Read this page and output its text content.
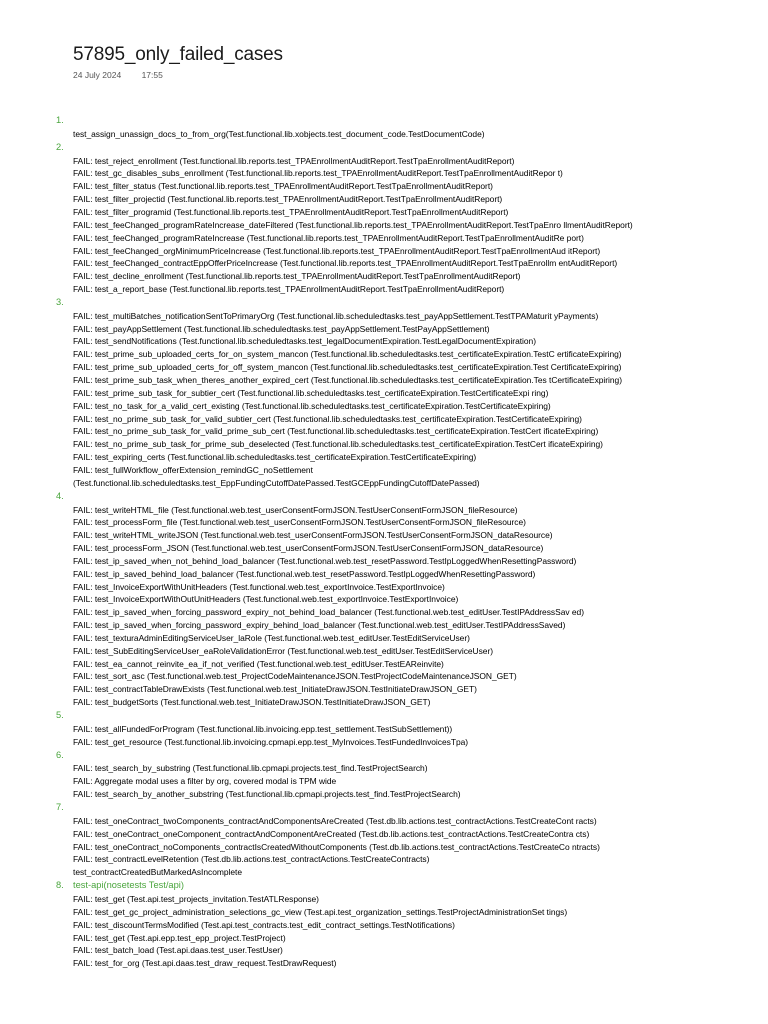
57895_only_failed_cases
24 July 2024 17:55
1.
test_assign_unassign_docs_to_from_org(Test.functional.lib.xobjects.test_document_code.TestDocumentCode)
2.
FAIL: test_reject_enrollment (Test.functional.lib.reports.test_TPAEnrollmentAuditReport.TestTpaEnrollmentAuditReport)
FAIL: test_gc_disables_subs_enrollment (Test.functional.lib.reports.test_TPAEnrollmentAuditReport.TestTpaEnrollmentAuditRepor t)
FAIL: test_filter_status (Test.functional.lib.reports.test_TPAEnrollmentAuditReport.TestTpaEnrollmentAuditReport)
FAIL: test_filter_projectid (Test.functional.lib.reports.test_TPAEnrollmentAuditReport.TestTpaEnrollmentAuditReport)
FAIL: test_filter_programid (Test.functional.lib.reports.test_TPAEnrollmentAuditReport.TestTpaEnrollmentAuditReport)
FAIL: test_feeChanged_programRateIncrease_dateFiltered (Test.functional.lib.reports.test_TPAEnrollmentAuditReport.TestTpaEnro llmentAuditReport)
FAIL: test_feeChanged_programRateIncrease (Test.functional.lib.reports.test_TPAEnrollmentAuditReport.TestTpaEnrollmentAuditRe port)
FAIL: test_feeChanged_orgMinimumPriceIncrease (Test.functional.lib.reports.test_TPAEnrollmentAuditReport.TestTpaEnrollmentAud itReport)
FAIL: test_feeChanged_contractEppOfferPriceIncrease (Test.functional.lib.reports.test_TPAEnrollmentAuditReport.TestTpaEnrollm entAuditReport)
FAIL: test_decline_enrollment (Test.functional.lib.reports.test_TPAEnrollmentAuditReport.TestTpaEnrollmentAuditReport)
FAIL: test_a_report_base (Test.functional.lib.reports.test_TPAEnrollmentAuditReport.TestTpaEnrollmentAuditReport)
3.
FAIL: test_multiBatches_notificationSentToPrimaryOrg (Test.functional.lib.scheduledtasks.test_payAppSettlement.TestTPAMaturit yPayments)
FAIL: test_payAppSettlement (Test.functional.lib.scheduledtasks.test_payAppSettlement.TestPayAppSettlement)
FAIL: test_sendNotifications (Test.functional.lib.scheduledtasks.test_legalDocumentExpiration.TestLegalDocumentExpiration)
FAIL: test_prime_sub_uploaded_certs_for_on_system_mancon (Test.functional.lib.scheduledtasks.test_certificateExpiration.TestC ertificateExpiring)
FAIL: test_prime_sub_uploaded_certs_for_off_system_mancon (Test.functional.lib.scheduledtasks.test_certificateExpiration.Test CertificateExpiring)
FAIL: test_prime_sub_task_when_theres_another_expired_cert (Test.functional.lib.scheduledtasks.test_certificateExpiration.Tes tCertificateExpiring)
FAIL: test_prime_sub_task_for_subtier_cert (Test.functional.lib.scheduledtasks.test_certificateExpiration.TestCertificateExpi ring)
FAIL: test_no_task_for_a_valid_cert_existing (Test.functional.lib.scheduledtasks.test_certificateExpiration.TestCertificateExpiring)
FAIL: test_no_prime_sub_task_for_valid_subtier_cert (Test.functional.lib.scheduledtasks.test_certificateExpiration.TestCertificateExpiring)
FAIL: test_no_prime_sub_task_for_valid_prime_sub_cert (Test.functional.lib.scheduledtasks.test_certificateExpiration.TestCert ificateExpiring)
FAIL: test_no_prime_sub_task_for_prime_sub_deselected (Test.functional.lib.scheduledtasks.test_certificateExpiration.TestCert ificateExpiring)
FAIL: test_expiring_certs (Test.functional.lib.scheduledtasks.test_certificateExpiration.TestCertificateExpiring)
FAIL: test_fullWorkflow_offerExtension_remindGC_noSettlement
(Test.functional.lib.scheduledtasks.test_EppFundingCutoffDatePassed.TestGCEppFundingCutoffDatePassed)
4.
FAIL: test_writeHTML_file (Test.functional.web.test_userConsentFormJSON.TestUserConsentFormJSON_fileResource)
FAIL: test_processForm_file (Test.functional.web.test_userConsentFormJSON.TestUserConsentFormJSON_fileResource)
FAIL: test_writeHTML_writeJSON (Test.functional.web.test_userConsentFormJSON.TestUserConsentFormJSON_dataResource)
FAIL: test_processForm_JSON (Test.functional.web.test_userConsentFormJSON.TestUserConsentFormJSON_dataResource)
FAIL: test_ip_saved_when_not_behind_load_balancer (Test.functional.web.test_resetPassword.TestIpLoggedWhenResettingPassword)
FAIL: test_ip_saved_behind_load_balancer (Test.functional.web.test_resetPassword.TestIpLoggedWhenResettingPassword)
FAIL: test_InvoiceExportWithUnitHeaders (Test.functional.web.test_exportInvoice.TestExportInvoice)
FAIL: test_InvoiceExportWithOutUnitHeaders (Test.functional.web.test_exportInvoice.TestExportInvoice)
FAIL: test_ip_saved_when_forcing_password_expiry_not_behind_load_balancer (Test.functional.web.test_editUser.TestIPAddressSav ed)
FAIL: test_ip_saved_when_forcing_password_expiry_behind_load_balancer (Test.functional.web.test_editUser.TestIPAddressSaved)
FAIL: test_texturaAdminEditingServiceUser_laRole (Test.functional.web.test_editUser.TestEditServiceUser)
FAIL: test_SubEditingServiceUser_eaRoleValidationError (Test.functional.web.test_editUser.TestEditServiceUser)
FAIL: test_ea_cannot_reinvite_ea_if_not_verified (Test.functional.web.test_editUser.TestEAReinvite)
FAIL: test_sort_asc (Test.functional.web.test_ProjectCodeMaintenanceJSON.TestProjectCodeMaintenanceJSON_GET)
FAIL: test_contractTableDrawExists (Test.functional.web.test_InitiateDrawJSON.TestInitiateDrawJSON_GET)
FAIL: test_budgetSorts (Test.functional.web.test_InitiateDrawJSON.TestInitiateDrawJSON_GET)
5.
FAIL: test_allFundedForProgram (Test.functional.lib.invoicing.epp.test_settlement.TestSubSettlement))
FAIL: test_get_resource (Test.functional.lib.invoicing.cpmapi.epp.test_MyInvoices.TestFundedInvoicesTpa)
6.
FAIL: test_search_by_substring (Test.functional.lib.cpmapi.projects.test_find.TestProjectSearch)
FAIL: Aggregate modal uses a filter by org, covered modal is TPM wide
FAIL: test_search_by_another_substring (Test.functional.lib.cpmapi.projects.test_find.TestProjectSearch)
7.
FAIL: test_oneContract_twoComponents_contractAndComponentsAreCreated (Test.db.lib.actions.test_contractActions.TestCreateCont racts)
FAIL: test_oneContract_oneComponent_contractAndComponentAreCreated (Test.db.lib.actions.test_contractActions.TestCreateContra cts)
FAIL: test_oneContract_noComponents_contractIsCreatedWithoutComponents (Test.db.lib.actions.test_contractActions.TestCreateCo ntracts)
FAIL: test_contractLevelRetention (Test.db.lib.actions.test_contractActions.TestCreateContracts)
test_contractCreatedButMarkedAsIncomplete
8. test-api(nosetests Test/api)
FAIL: test_get (Test.api.test_projects_invitation.TestATLResponse)
FAIL: test_get_gc_project_administration_selections_gc_view (Test.api.test_organization_settings.TestProjectAdministrationSet tings)
FAIL: test_discountTermsModified (Test.api.test_contracts.test_edit_contract_settings.TestNotifications)
FAIL: test_get (Test.api.epp.test_epp_project.TestProject)
FAIL: test_batch_load (Test.api.daas.test_user.TestUser)
FAIL: test_for_org (Test.api.daas.test_draw_request.TestDrawRequest)
